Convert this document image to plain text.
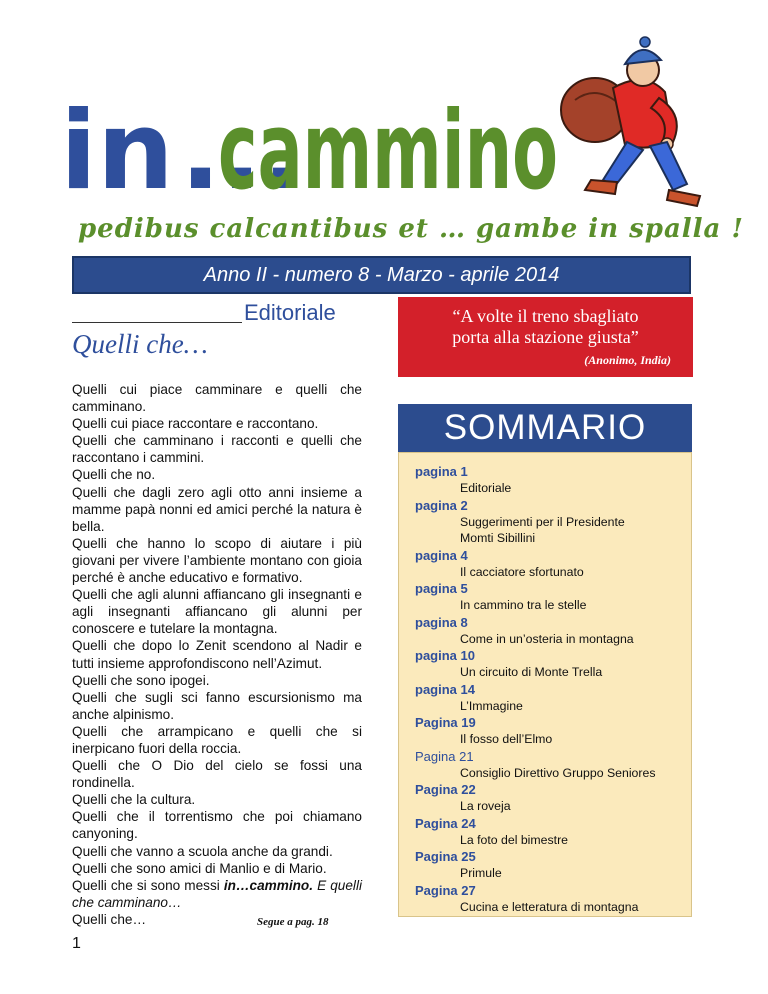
in ...
cammino
pedibus calcantibus et … gambe in spalla !
Anno II - numero 8 - Marzo - aprile 2014
Editoriale
Quelli che…
“A volte il treno sbagliato
porta alla stazione giusta”
(Anonimo, India)

Quelli cui piace camminare e quelli che camminano.

Quelli cui piace raccontare e raccontano.

Quelli che camminano i racconti e quelli che raccontano i cammini.

Quelli che no.

Quelli che dagli zero agli otto anni insieme a mamme papà nonni ed amici perché la natura è bella.

Quelli che hanno lo scopo di aiutare i più giovani per vivere l’ambiente montano con gioia perché è anche educativo e formativo.

Quelli che agli alunni affiancano gli insegnanti e agli insegnanti affiancano gli alunni per conoscere e tutelare la montagna.

Quelli che dopo lo Zenit scendono al Nadir e tutti insieme approfondiscono nell’Azimut.

Quelli che sono ipogei.

Quelli che sugli sci fanno escursionismo ma anche alpinismo.

Quelli che arrampicano e quelli che si inerpicano fuori della roccia.

Quelli che O Dio del cielo se fossi una rondinella.

Quelli che la cultura.

Quelli che il torrentismo che poi chiamano canyoning.

Quelli che vanno a scuola anche da grandi.

Quelli che sono amici di Manlio e di Mario.

Quelli che si sono messi in…cammino. E quelli che camminano…

Quelli che…	Segue a pag. 18
1
SOMMARIO
pagina 1
Editoriale
pagina 2
Suggerimenti per il Presidente
Momti Sibillini
pagina 4
Il cacciatore sfortunato
pagina 5
In cammino tra le stelle
pagina 8
Come in un’osteria in montagna
pagina 10
Un circuito di Monte Trella
pagina 14
L’Immagine
Pagina 19
Il fosso dell’Elmo
Pagina 21
Consiglio Direttivo Gruppo Seniores
Pagina 22
La roveja
Pagina 24
La foto del bimestre
Pagina 25
Primule
Pagina 27
Cucina e letteratura di montagna
